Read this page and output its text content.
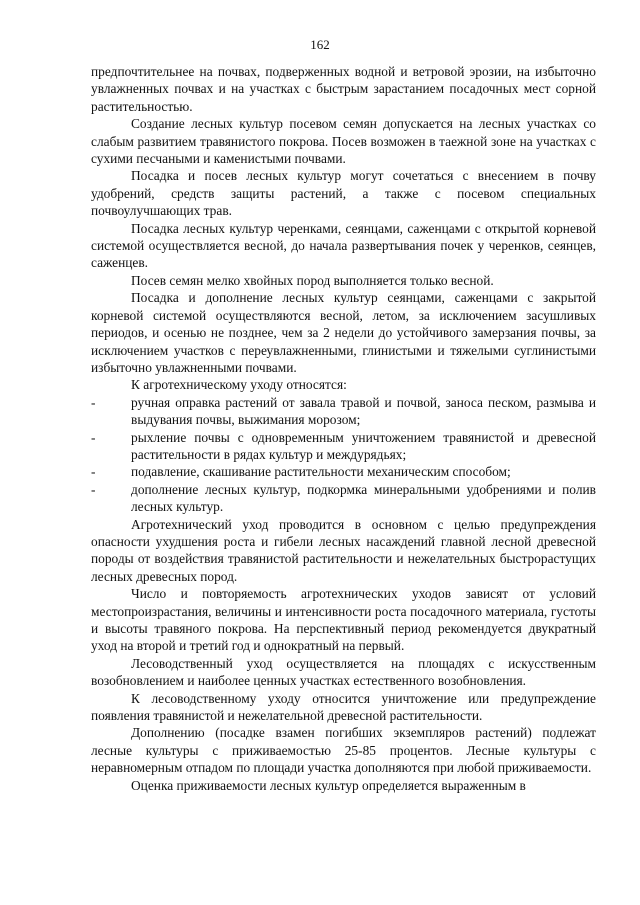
162

предпочтительнее на почвах, подверженных водной и ветровой эрозии, на избыточно увлажненных почвах и на участках с быстрым зарастанием посадочных мест сорной растительностью.

Создание лесных культур посевом семян допускается на лесных участках со слабым развитием травянистого покрова. Посев возможен в таежной зоне на участках с сухими песчаными и каменистыми почвами.

Посадка и посев лесных культур могут сочетаться с внесением в почву удобрений, средств защиты растений, а также с посевом специальных почвоулучшающих трав.

Посадка лесных культур черенками, сеянцами, саженцами с открытой корневой системой осуществляется весной, до начала развертывания почек у черенков, сеянцев, саженцев.

Посев семян мелко хвойных пород выполняется только весной.

Посадка и дополнение лесных культур сеянцами, саженцами с закрытой корневой системой осуществляются весной, летом, за исключением засушливых периодов, и осенью не позднее, чем за 2 недели до устойчивого замерзания почвы, за исключением участков с переувлажненными, глинистыми и тяжелыми суглинистыми избыточно увлажненными почвами.

К агротехническому уходу относятся:

-	ручная оправка растений от завала травой и почвой, заноса песком, размыва и выдувания почвы, выжимания морозом;
-	рыхление почвы с одновременным уничтожением травянистой и древесной растительности в рядах культур и междурядьях;
-	подавление, скашивание растительности механическим способом;
-	дополнение лесных культур, подкормка минеральными удобрениями и полив лесных культур.

Агротехнический уход проводится в основном с целью предупреждения опасности ухудшения роста и гибели лесных насаждений главной лесной древесной породы от воздействия травянистой растительности и нежелательных быстрорастущих лесных древесных пород.

Число и повторяемость агротехнических уходов зависят от условий местопроизрастания, величины и интенсивности роста посадочного материала, густоты и высоты травяного покрова. На перспективный период рекомендуется двукратный уход на второй и третий год и однократный на первый.

Лесоводственный уход осуществляется на площадях с искусственным возобновлением и наиболее ценных участках естественного возобновления.

К лесоводственному уходу относится уничтожение или предупреждение появления травянистой и нежелательной древесной растительности.

Дополнению (посадке взамен погибших экземпляров растений) подлежат лесные культуры с приживаемостью 25-85 процентов. Лесные культуры с неравномерным отпадом по площади участка дополняются при любой приживаемости.

Оценка приживаемости лесных культур определяется выраженным в
